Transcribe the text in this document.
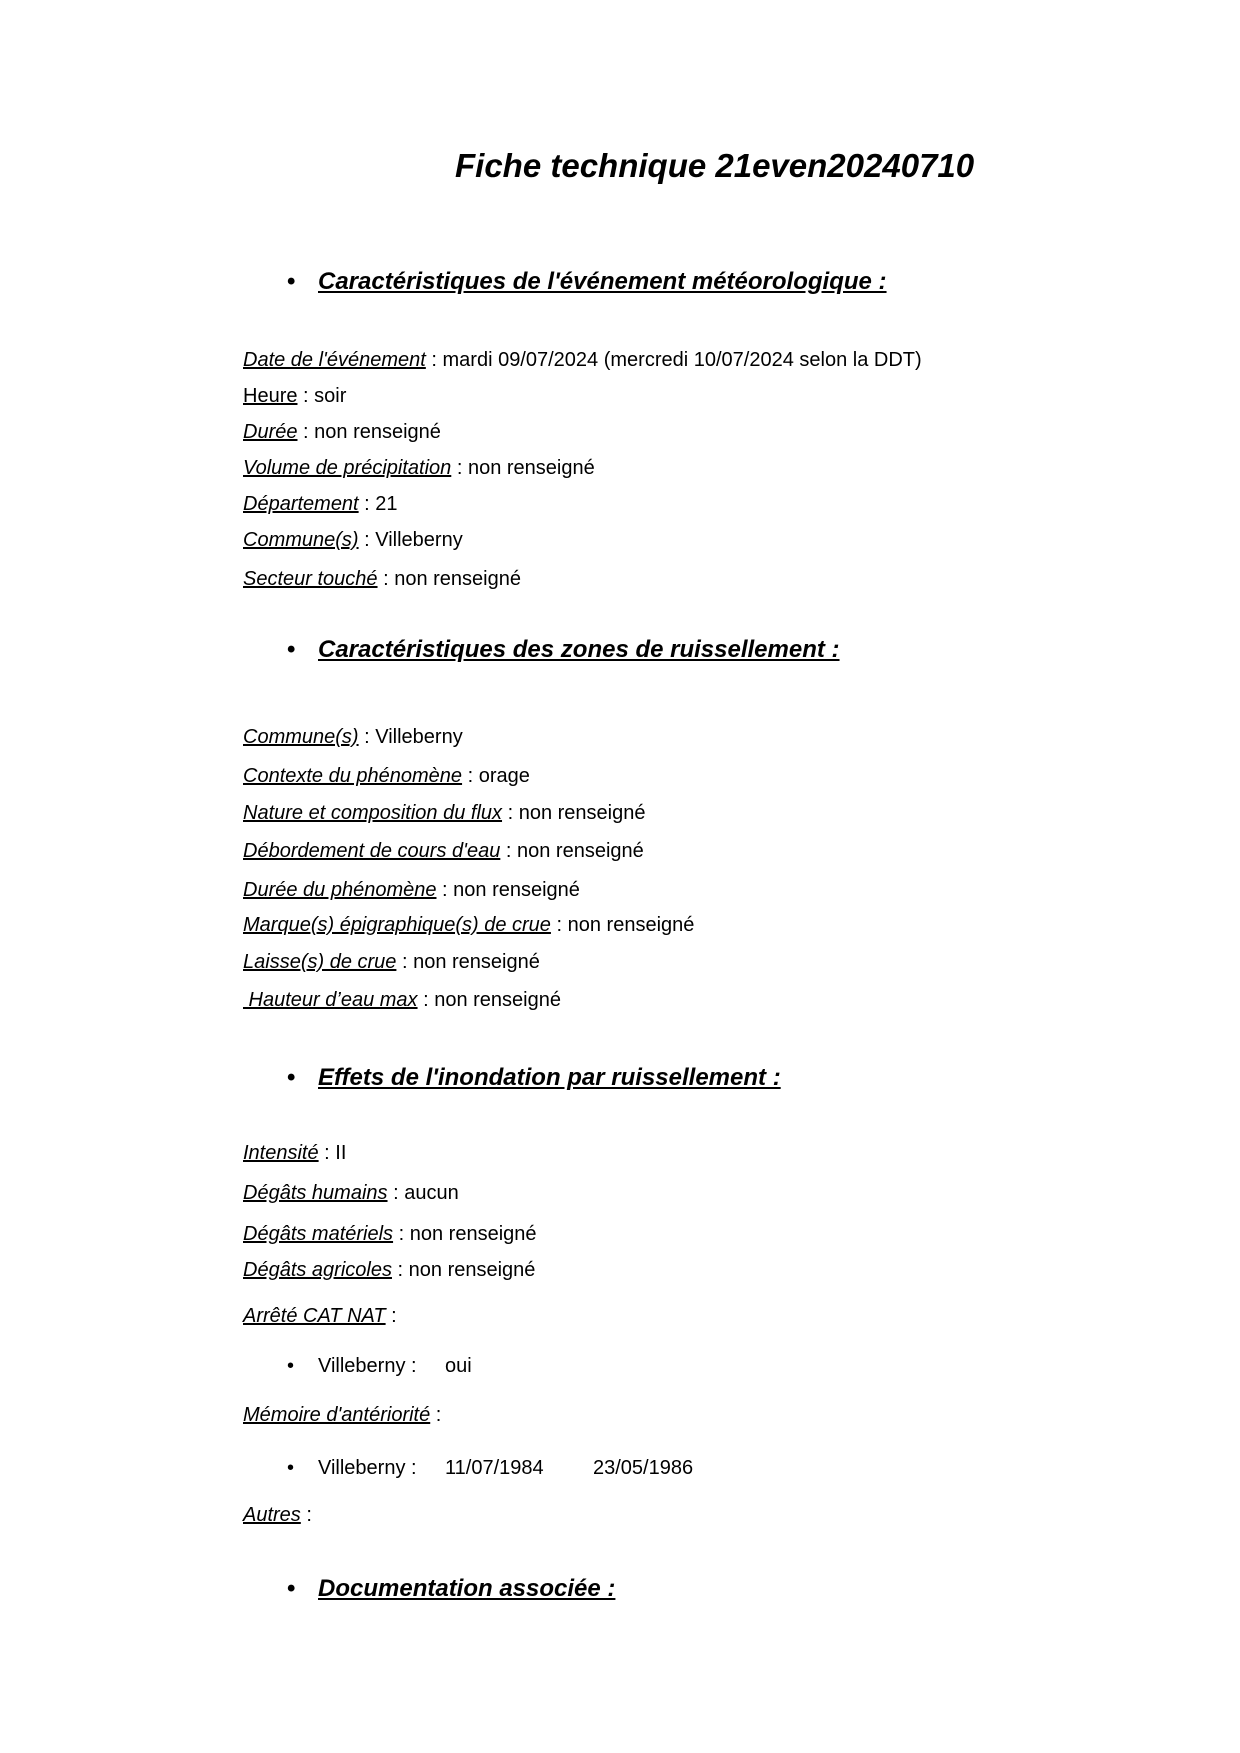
Fiche technique 21even20240710
• Caractéristiques de l'événement météorologique :
Date de l'événement : mardi 09/07/2024 (mercredi 10/07/2024 selon la DDT)
Heure : soir
Durée : non renseigné
Volume de précipitation : non renseigné
Département : 21
Commune(s) : Villeberny
Secteur touché : non renseigné
• Caractéristiques des zones de ruissellement :
Commune(s) : Villeberny
Contexte du phénomène : orage
Nature et composition du flux : non renseigné
Débordement de cours d'eau : non renseigné
Durée du phénomène : non renseigné
Marque(s) épigraphique(s) de crue : non renseigné
Laisse(s) de crue : non renseigné
Hauteur d’eau max : non renseigné
• Effets de l'inondation par ruissellement :
Intensité : II
Dégâts humains : aucun
Dégâts matériels : non renseigné
Dégâts agricoles : non renseigné
Arrêté CAT NAT :
• Villeberny : oui
Mémoire d'antériorité :
• Villeberny : 11/07/1984 23/05/1986
Autres :
• Documentation associée :
